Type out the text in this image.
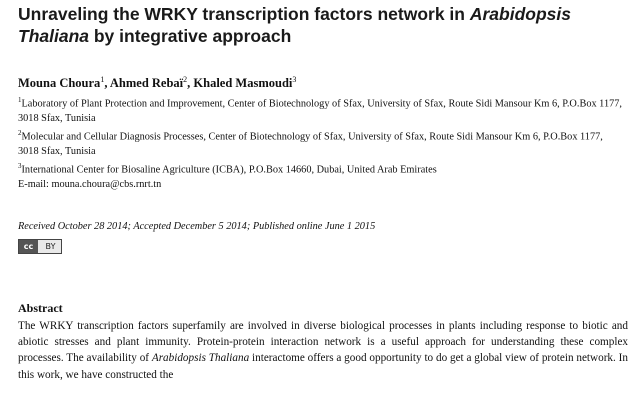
Unraveling the WRKY transcription factors network in Arabidopsis Thaliana by integrative approach
Mouna Choura$^1$, Ahmed Rebaï$^2$, Khaled Masmoudi$^3$

$^1$Laboratory of Plant Protection and Improvement, Center of Biotechnology of Sfax, University of Sfax, Route Sidi Mansour Km 6, P.O.Box 1177, 3018 Sfax, Tunisia

$^2$Molecular and Cellular Diagnosis Processes, Center of Biotechnology of Sfax, University of Sfax, Route Sidi Mansour Km 6, P.O.Box 1177, 3018 Sfax, Tunisia

$^3$International Center for Biosaline Agriculture (ICBA), P.O.Box 14660, Dubai, United Arab Emirates

E-mail: mouna.choura@cbs.rnrt.tn

Received October 28 2014; Accepted December 5 2014; Published online June 1 2015
cc	BY
Abstract
The WRKY transcription factors superfamily are involved in diverse biological processes in plants including response to biotic and abiotic stresses and plant immunity. Protein-protein interaction network is a useful approach for understanding these complex processes. The availability of Arabidopsis Thaliana interactome offers a good opportunity to do get a global view of protein network. In this work, we have constructed the
